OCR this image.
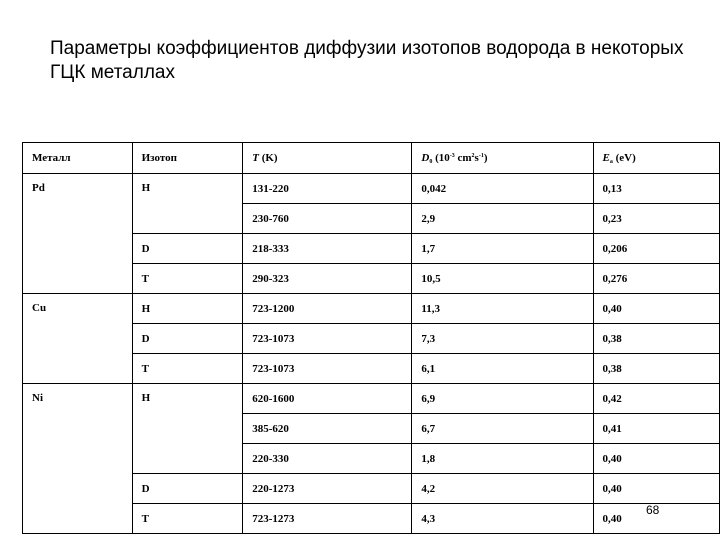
Параметры коэффициентов диффузии изотопов водорода в некоторых
ГЦК металлах
Металл	Изотоп	T (K)	$D_0$ ($10^{-3}$ $cm^2s^{-1}$)	$E_a$ (eV)
Pd	H	131-220	0,042	0,13
		230-760	2,9	0,23
	D	218-333	1,7	0,206
	T	290-323	10,5	0,276
Cu	H	723-1200	11,3	0,40
	D	723-1073	7,3	0,38
	T	723-1073	6,1	0,38
Ni	H	620-1600	6,9	0,42
		385-620	6,7	0,41
		220-330	1,8	0,40
	D	220-1273	4,2	0,40
	T	723-1273	4,3	0,40
68
